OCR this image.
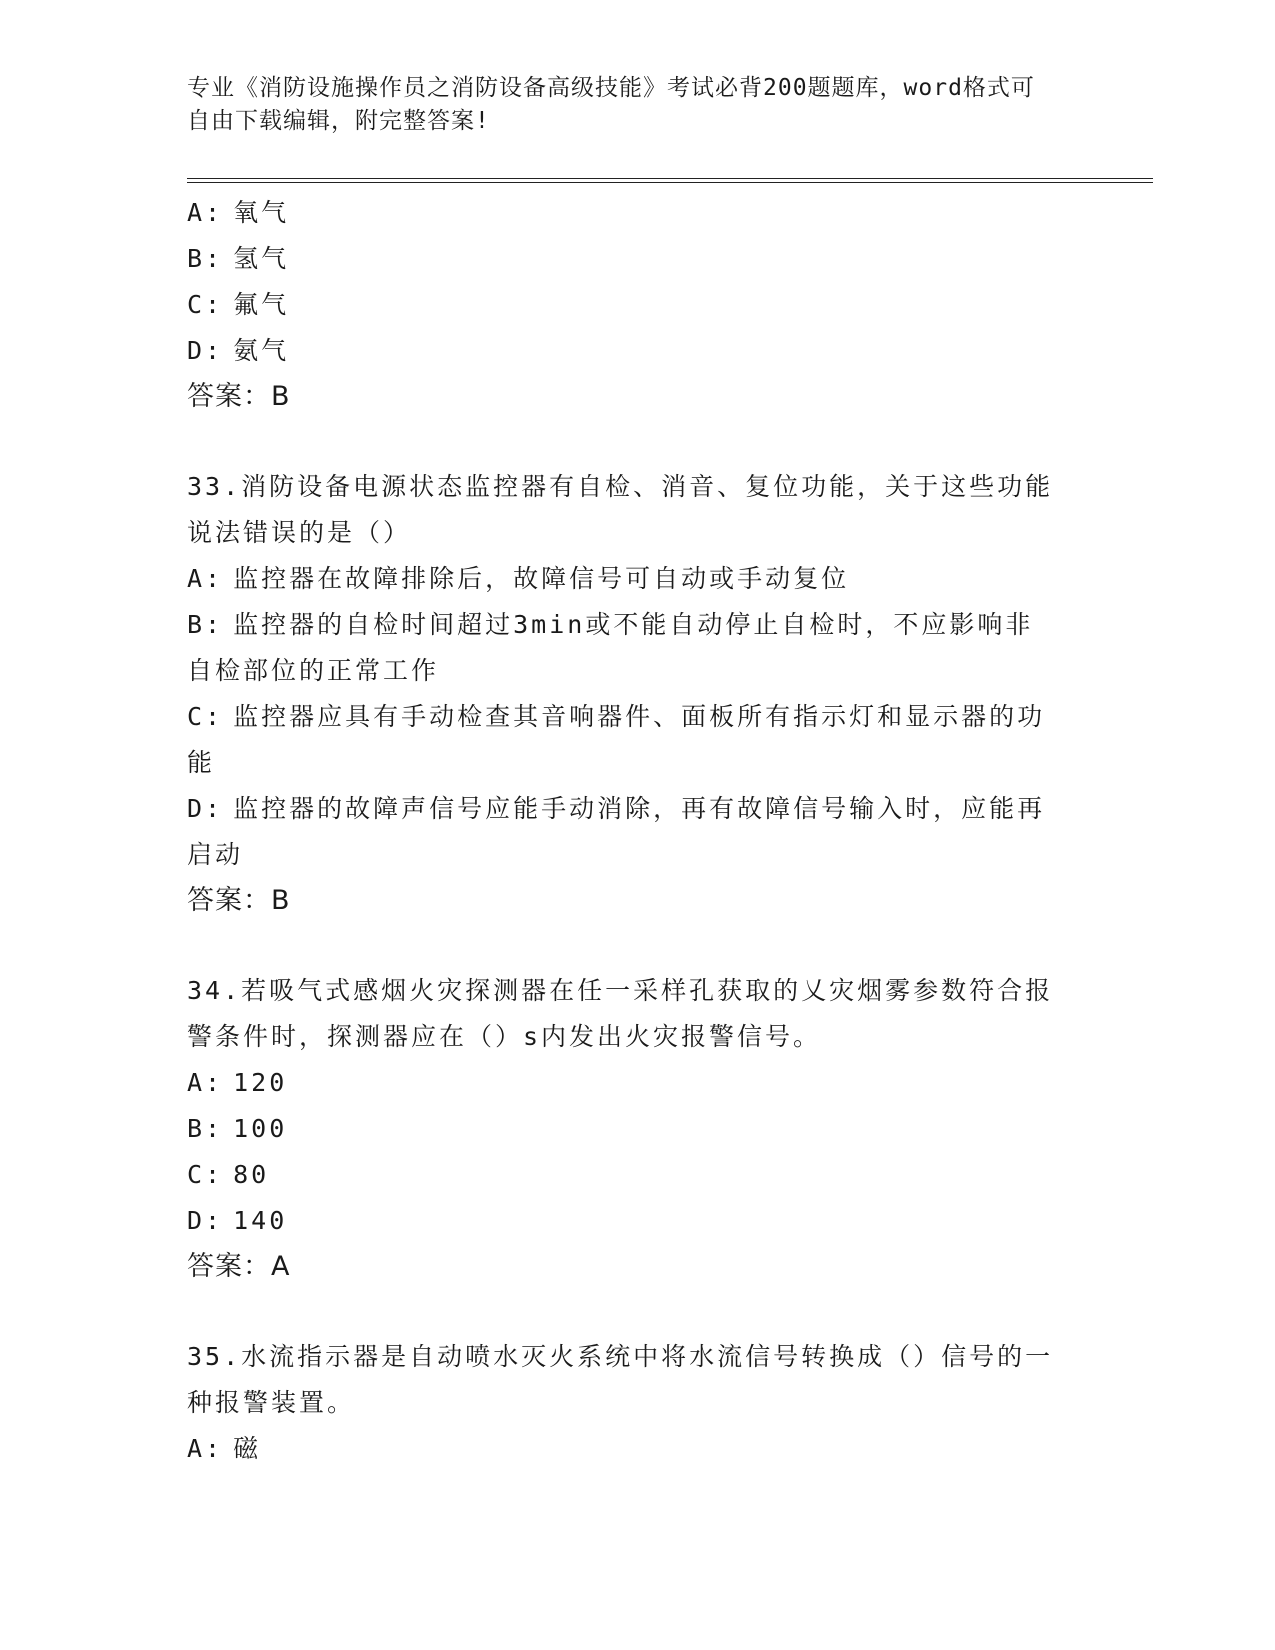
专业《消防设施操作员之消防设备高级技能》考试必背200题题库，word格式可
自由下载编辑，附完整答案!
A: 氧气
B: 氢气
C: 氟气
D: 氨气
答案：B
33.消防设备电源状态监控器有自检、消音、复位功能，关于这些功能
说法错误的是（）
A: 监控器在故障排除后，故障信号可自动或手动复位
B: 监控器的自检时间超过3min或不能自动停止自检时，不应影响非
自检部位的正常工作
C: 监控器应具有手动检查其音响器件、面板所有指示灯和显示器的功
能
D: 监控器的故障声信号应能手动消除，再有故障信号输入时，应能再
启动
答案：B
34.若吸气式感烟火灾探测器在任一采样孔获取的乂灾烟雾参数符合报
警条件时，探测器应在（）s内发出火灾报警信号。
A: 120
B: 100
C: 80
D: 140
答案：A
35.水流指示器是自动喷水灭火系统中将水流信号转换成（）信号的一
种报警装置。
A: 磁
